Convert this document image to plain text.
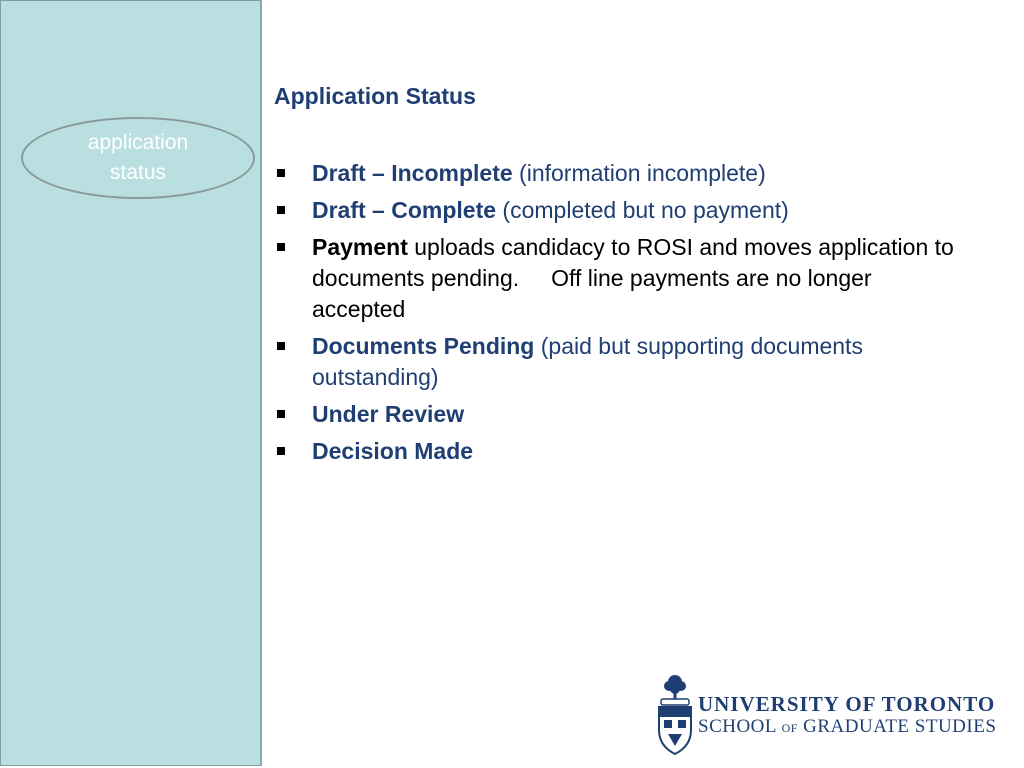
application
status
Application Status
Draft – Incomplete (information incomplete)
Draft – Complete (completed but no payment)
Payment uploads candidacy to ROSI and moves application to documents pending.     Off line payments are no longer accepted
Documents Pending (paid but supporting documents outstanding)
Under Review
Decision Made
UNIVERSITY OF TORONTO
SCHOOL OF GRADUATE STUDIES
